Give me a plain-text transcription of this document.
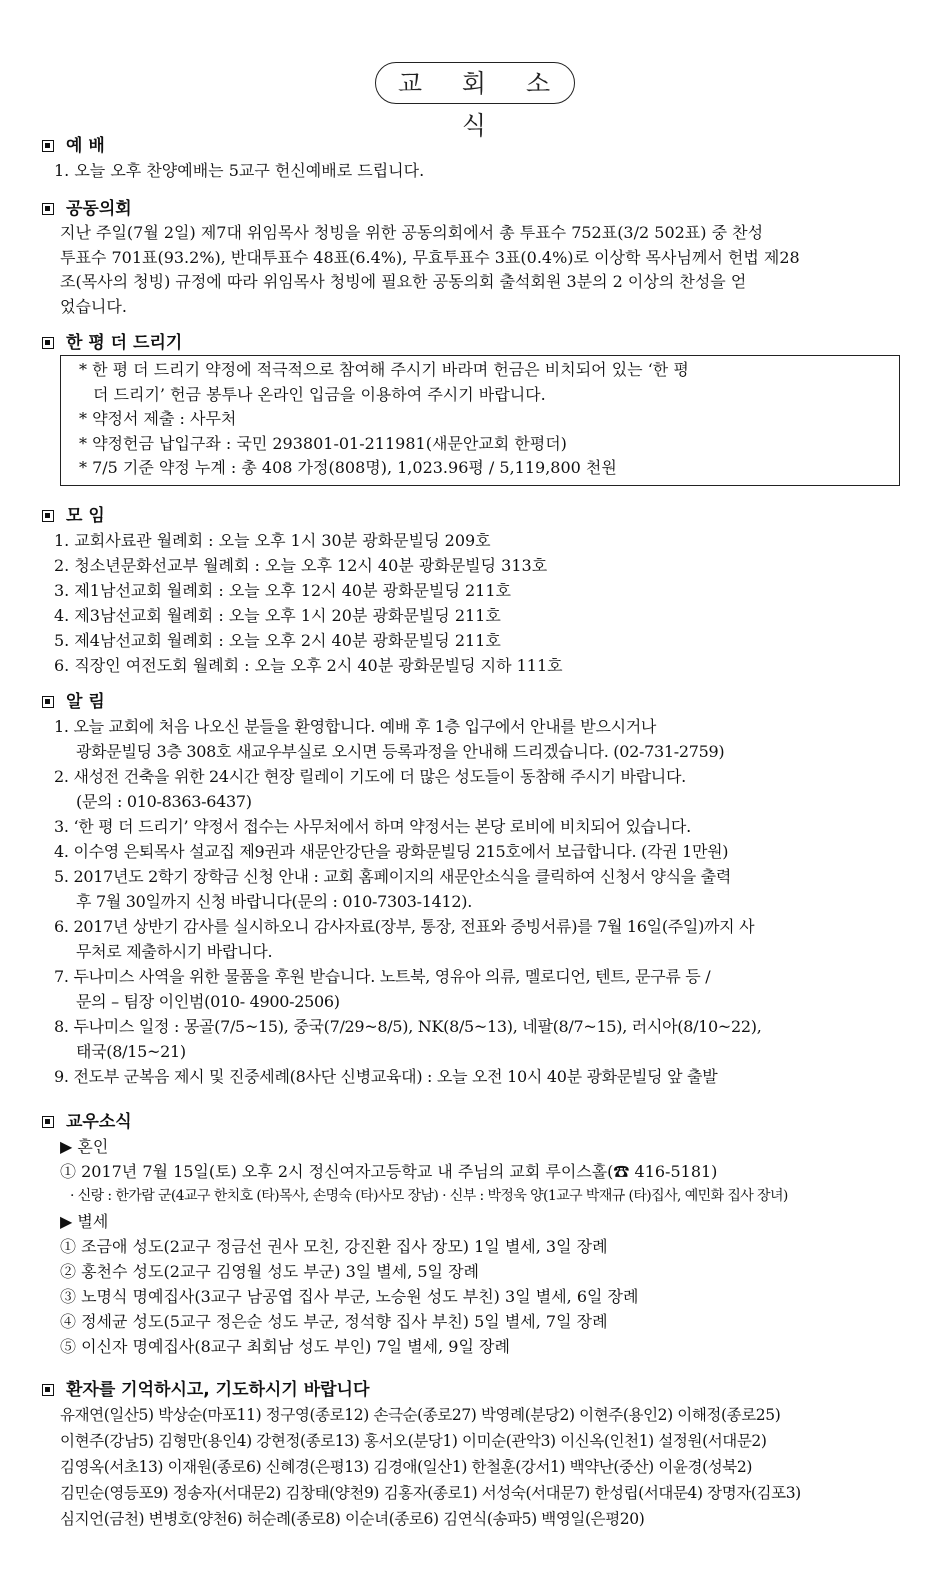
교 회 소 식
예 배
1. 오늘 오후 찬양예배는 5교구 헌신예배로 드립니다.
공동의회
지난 주일(7월 2일) 제7대 위임목사 청빙을 위한 공동의회에서 총 투표수 752표(3/2 502표) 중 찬성
투표수 701표(93.2%), 반대투표수 48표(6.4%), 무효투표수 3표(0.4%)로 이상학 목사님께서 헌법 제28
조(목사의 청빙) 규정에 따라 위임목사 청빙에 필요한 공동의회 출석회원 3분의 2 이상의 찬성을 얻
었습니다.
한 평 더 드리기
* 한 평 더 드리기 약정에 적극적으로 참여해 주시기 바라며 헌금은 비치되어 있는 ‘한 평
더 드리기’ 헌금 봉투나 온라인 입금을 이용하여 주시기 바랍니다.
* 약정서 제출 : 사무처
* 약정헌금 납입구좌 : 국민 293801-01-211981(새문안교회 한평더)
* 7/5 기준 약정 누계 : 총 408 가정(808명), 1,023.96평 / 5,119,800 천원
모 임
1. 교회사료관 월례회 : 오늘 오후 1시 30분 광화문빌딩 209호
2. 청소년문화선교부 월례회 : 오늘 오후 12시 40분 광화문빌딩 313호
3. 제1남선교회 월례회 : 오늘 오후 12시 40분 광화문빌딩 211호
4. 제3남선교회 월례회 : 오늘 오후 1시 20분 광화문빌딩 211호
5. 제4남선교회 월례회 : 오늘 오후 2시 40분 광화문빌딩 211호
6. 직장인 여전도회 월례회 : 오늘 오후 2시 40분 광화문빌딩 지하 111호
알 림
1. 오늘 교회에 처음 나오신 분들을 환영합니다. 예배 후 1층 입구에서 안내를 받으시거나
광화문빌딩 3층 308호 새교우부실로 오시면 등록과정을 안내해 드리겠습니다. (02-731-2759)
2. 새성전 건축을 위한 24시간 현장 릴레이 기도에 더 많은 성도들이 동참해 주시기 바랍니다.
(문의 : 010-8363-6437)
3. ‘한 평 더 드리기’ 약정서 접수는 사무처에서 하며 약정서는 본당 로비에 비치되어 있습니다.
4. 이수영 은퇴목사 설교집 제9권과 새문안강단을 광화문빌딩 215호에서 보급합니다. (각권 1만원)
5. 2017년도 2학기 장학금 신청 안내 : 교회 홈페이지의 새문안소식을 클릭하여 신청서 양식을 출력
후 7월 30일까지 신청 바랍니다(문의 : 010-7303-1412).
6. 2017년 상반기 감사를 실시하오니 감사자료(장부, 통장, 전표와 증빙서류)를 7월 16일(주일)까지 사
무처로 제출하시기 바랍니다.
7. 두나미스 사역을 위한 물품을 후원 받습니다. 노트북, 영유아 의류, 멜로디언, 텐트, 문구류 등 /
문의 – 팀장 이인범(010- 4900-2506)
8. 두나미스 일정 : 몽골(7/5~15), 중국(7/29~8/5), NK(8/5~13), 네팔(8/7~15), 러시아(8/10~22),
태국(8/15~21)
9. 전도부 군복음 제시 및 진중세례(8사단 신병교육대) : 오늘 오전 10시 40분 광화문빌딩 앞 출발
교우소식
▶ 혼인
① 2017년 7월 15일(토) 오후 2시 정신여자고등학교 내 주님의 교회 루이스홀(☎ 416-5181)
· 신랑 : 한가람 군(4교구 한치호 (타)목사, 손명숙 (타)사모 장남) · 신부 : 박정욱 양(1교구 박재규 (타)집사, 예민화 집사 장녀)
▶ 별세
① 조금애 성도(2교구 정금선 권사 모친, 강진환 집사 장모) 1일 별세, 3일 장례
② 홍천수 성도(2교구 김영월 성도 부군) 3일 별세, 5일 장례
③ 노명식 명예집사(3교구 남공엽 집사 부군, 노승원 성도 부친) 3일 별세, 6일 장례
④ 정세균 성도(5교구 정은순 성도 부군, 정석향 집사 부친) 5일 별세, 7일 장례
⑤ 이신자 명예집사(8교구 최회남 성도 부인) 7일 별세, 9일 장례
환자를 기억하시고, 기도하시기 바랍니다
유재연(일산5) 박상순(마포11) 정구영(종로12) 손극순(종로27) 박영례(분당2) 이현주(용인2) 이해정(종로25)
이현주(강남5) 김형만(용인4) 강현정(종로13) 홍서오(분당1) 이미순(관악3) 이신옥(인천1) 설정원(서대문2)
김영옥(서초13) 이재원(종로6) 신혜경(은평13) 김경애(일산1) 한철훈(강서1) 백약난(중산) 이윤경(성북2)
김민순(영등포9) 정송자(서대문2) 김창태(양천9) 김홍자(종로1) 서성숙(서대문7) 한성립(서대문4) 장명자(김포3)
심지언(금천) 변병호(양천6) 허순례(종로8) 이순녀(종로6) 김연식(송파5) 백영일(은평20)
